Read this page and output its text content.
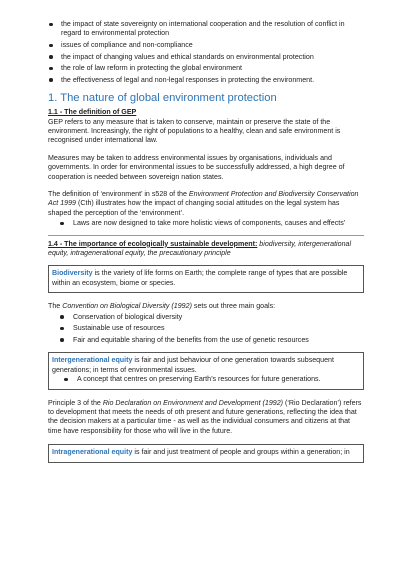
the impact of state sovereignty on international cooperation and the resolution of conflict in regard to environmental protection
issues of compliance and non-compliance
the impact of changing values and ethical standards on environmental protection
the role of law reform in protecting the global environment
the effectiveness of legal and non-legal responses in protecting the environment.
1. The nature of global environment protection
1.1 - The definition of GEP

GEP refers to any measure that is taken to conserve, maintain or preserve the state of the environment. Increasingly, the right of populations to a healthy, clean and safe environment is recognised under international law.

Measures may be taken to address environmental issues by organisations, individuals and governments. In order for environmental issues to be successfully addressed, a high degree of cooperation is needed between sovereign nation states.

The definition of ‘environment’ in s528 of the Environment Protection and Biodiversity Conservation Act 1999 (Cth) illustrates how the impact of changing social attitudes on the legal system has shaped the perception of the ‘environment’.

Laws are now designed to take more holistic views of components, causes and effects’
1.4 - The importance of ecologically sustainable development: biodiversity, intergenerational equity, intragenerational equity, the precautionary principle
Biodiversity is the variety of life forms on Earth; the complete range of types that are possible within an ecosystem, biome or species.

The Convention on Biological Diversity (1992) sets out three main goals:

Conservation of biological diversity
Sustainable use of resources
Fair and equitable sharing of the benefits from the use of genetic resources
Intergenerational equity is fair and just behaviour of one generation towards subsequent generations; in terms of environmental issues.
A concept that centres on preserving Earth’s resources for future generations.

Principle 3 of the Rio Declaration on Environment and Development (1992) (‘Rio Declaration’) refers to development that meets the needs of oth present and future generations, reflecting the idea that the decision makers at a particular time - as well as the individual consumers and citizens at that time have responsibility for those who will live in the future.

Intragenerational equity is fair and just treatment of people and groups within a generation; in
